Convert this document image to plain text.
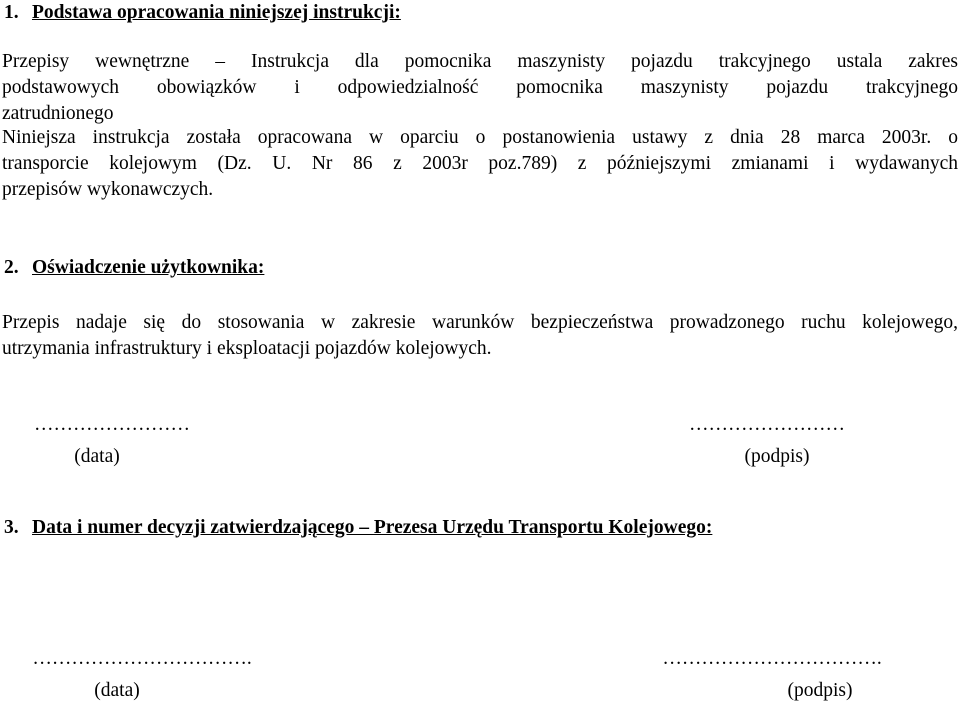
1. Podstawa opracowania niniejszej instrukcji:
Przepisy wewnętrzne – Instrukcja dla pomocnika maszynisty pojazdu trakcyjnego ustala zakres
podstawowych obowiązków i odpowiedzialność pomocnika maszynisty pojazdu trakcyjnego
zatrudnionego
Niniejsza instrukcja została opracowana w oparciu o postanowienia ustawy z dnia 28 marca 2003r. o
transporcie kolejowym (Dz. U. Nr 86 z 2003r poz.789) z późniejszymi zmianami i wydawanych
przepisów wykonawczych.
2. Oświadczenie użytkownika:
Przepis nadaje się do stosowania w zakresie warunków bezpieczeństwa prowadzonego ruchu kolejowego,
utrzymania infrastruktury i eksploatacji pojazdów kolejowych.
……………………
(data)
……………………
(podpis)
3. Data i numer decyzji zatwierdzającego – Prezesa Urzędu Transportu Kolejowego:
…………………………….
(data)
…………………………….
(podpis)
